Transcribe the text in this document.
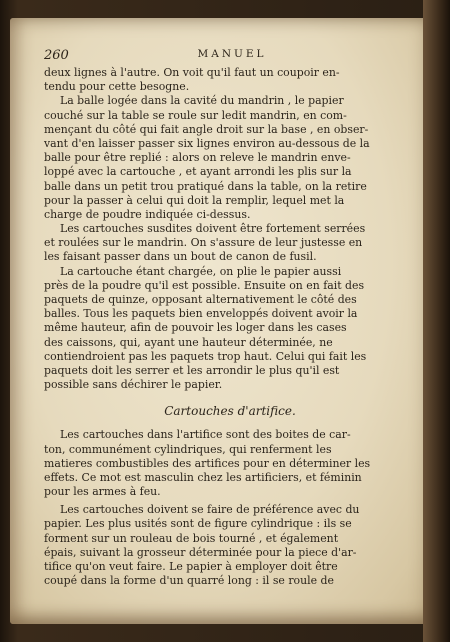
260	MANUEL
deux lignes à l'autre. On voit qu'il faut un coupoir en-
tendu pour cette besogne.
La balle logée dans la cavité du mandrin , le papier
couché sur la table se roule sur ledit mandrin, en com-
mençant du côté qui fait angle droit sur la base , en obser-
vant d'en laisser passer six lignes environ au-dessous de la
balle pour être replié : alors on releve le mandrin enve-
loppé avec la cartouche , et ayant arrondi les plis sur la
balle dans un petit trou pratiqué dans la table, on la retire
pour la passer à celui qui doit la remplir, lequel met la
charge de poudre indiquée ci-dessus.
Les cartouches susdites doivent être fortement serrées
et roulées sur le mandrin. On s'assure de leur justesse en
les faisant passer dans un bout de canon de fusil.
La cartouche étant chargée, on plie le papier aussi
près de la poudre qu'il est possible. Ensuite on en fait des
paquets de quinze, opposant alternativement le côté des
balles. Tous les paquets bien enveloppés doivent avoir la
même hauteur, afin de pouvoir les loger dans les cases
des caissons, qui, ayant une hauteur déterminée, ne
contiendroient pas les paquets trop haut. Celui qui fait les
paquets doit les serrer et les arrondir le plus qu'il est
possible sans déchirer le papier.
Cartouches d'artifice.
Les cartouches dans l'artifice sont des boites de car-
ton, communément cylindriques, qui renferment les
matieres combustibles des artifices pour en déterminer les
effets. Ce mot est masculin chez les artificiers, et féminin
pour les armes à feu.
Les cartouches doivent se faire de préférence avec du
papier. Les plus usités sont de figure cylindrique : ils se
forment sur un rouleau de bois tourné , et également
épais, suivant la grosseur déterminée pour la piece d'ar-
tifice qu'on veut faire. Le papier à employer doit être
coupé dans la forme d'un quarré long : il se roule de
